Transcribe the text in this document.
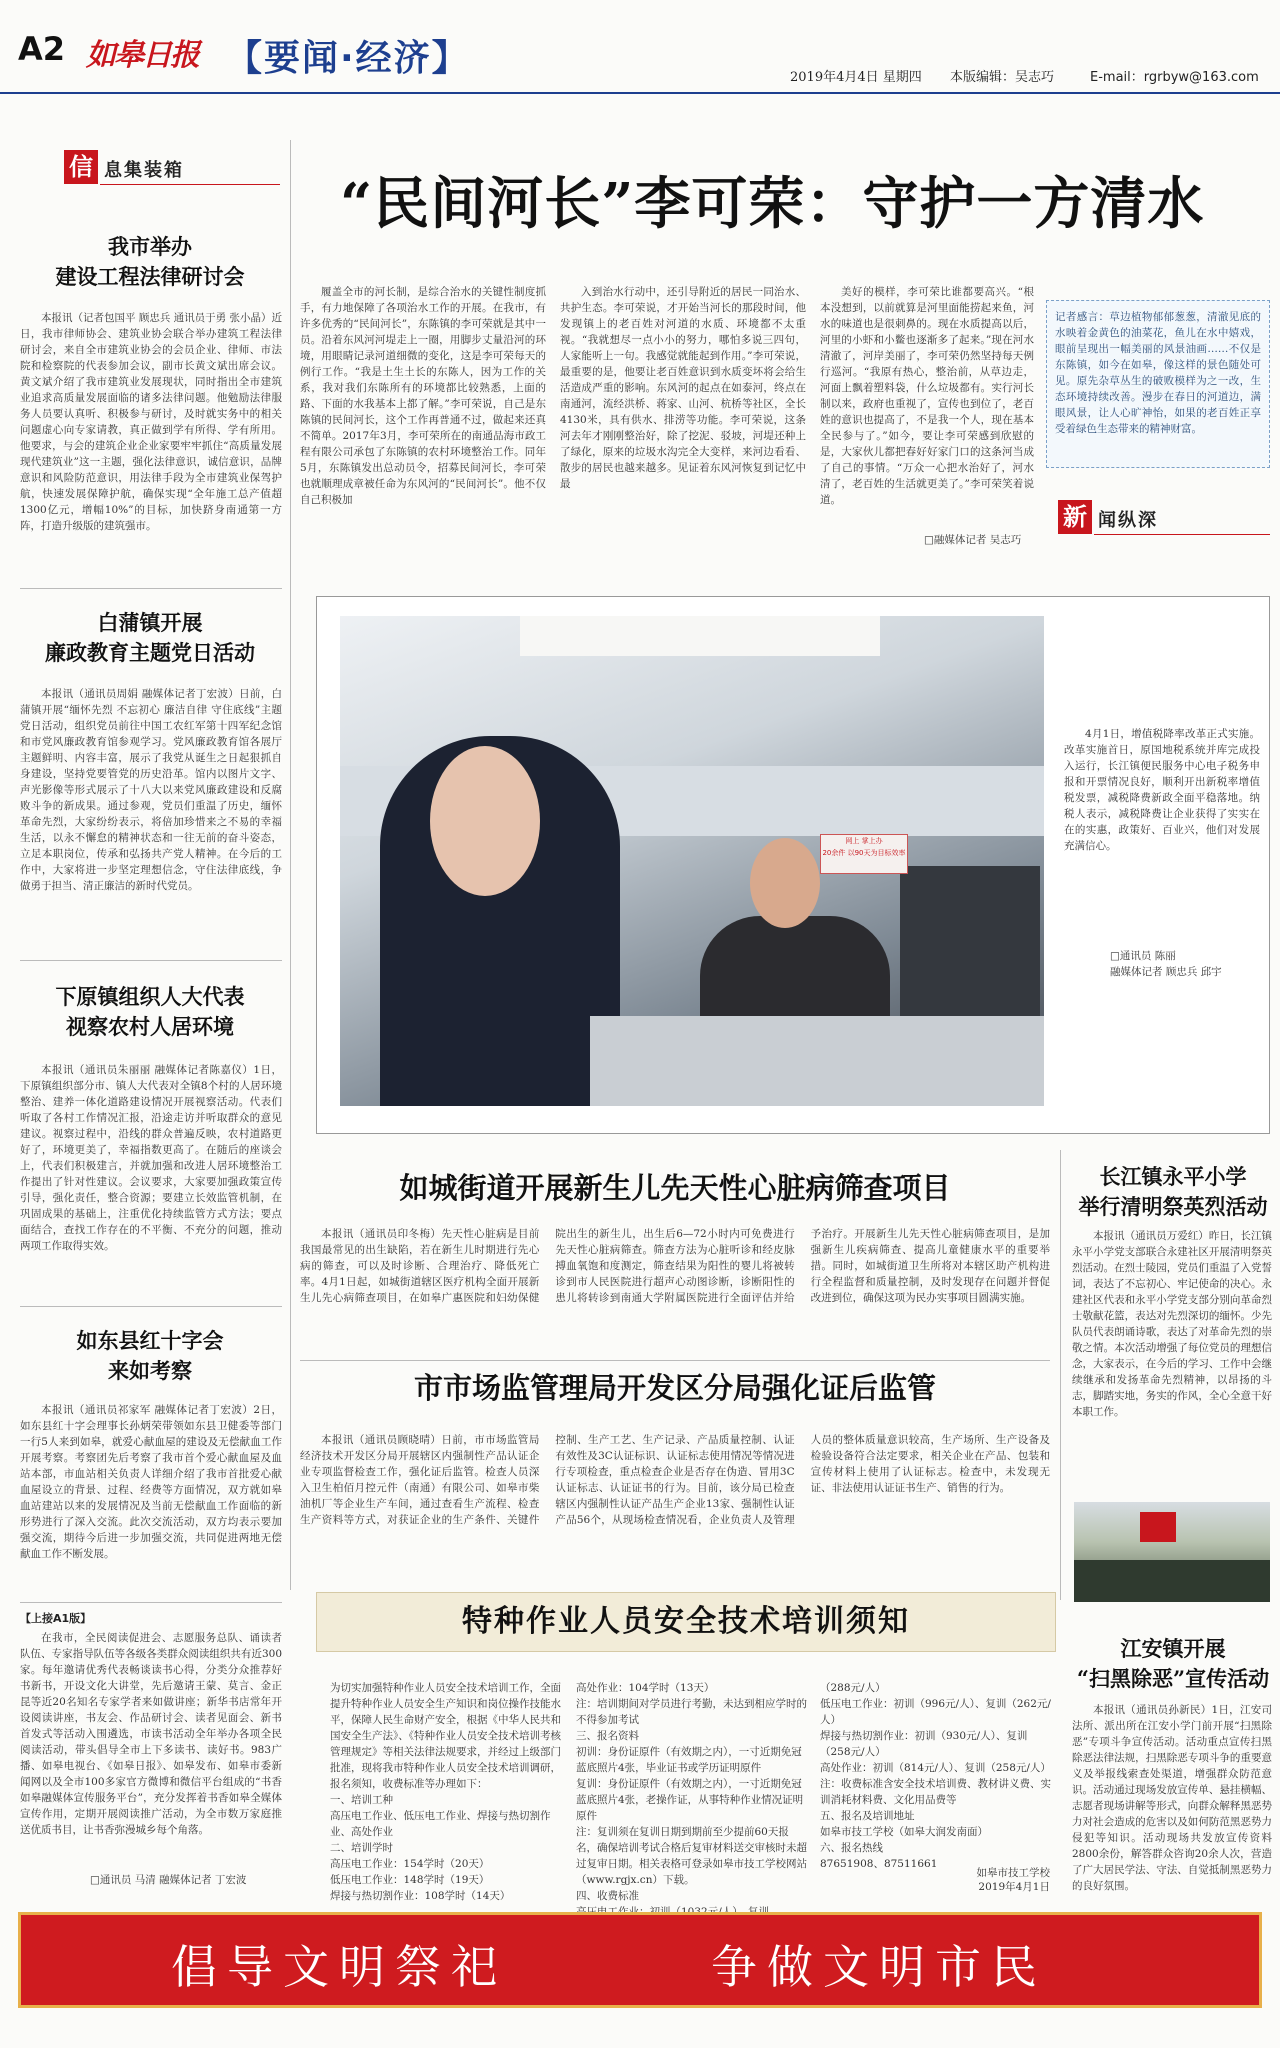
A2 如皋日报 【要闻·经济】	2019年4月4日 星期四 本版编辑：吴志巧	E-mail：rgrbyw@163.com
信 息集装箱
我市举办
建设工程法律研讨会

本报讯（记者包国平 顾忠兵 通讯员于勇 张小晶）近日，我市律师协会、建筑业协会联合举办建筑工程法律研讨会，来自全市建筑业协会的会员企业、律师、市法院和检察院的代表参加会议，副市长黄文斌出席会议。黄文斌介绍了我市建筑业发展现状，同时指出全市建筑业追求高质量发展面临的诸多法律问题。他勉励法律服务人员要认真听、积极参与研讨，及时就实务中的相关问题虚心向专家请教，真正做到学有所得、学有所用。他要求，与会的建筑企业企业家要牢牢抓住“高质量发展现代建筑业”这一主题，强化法律意识，诚信意识，品牌意识和风险防范意识，用法律手段为全市建筑业保驾护航，快速发展保障护航，确保实现“全年施工总产值超1300亿元，增幅10%”的目标，加快跻身南通第一方阵，打造升级版的建筑强市。

白蒲镇开展
廉政教育主题党日活动

本报讯（通讯员周娟 融媒体记者丁宏波）日前，白蒲镇开展“缅怀先烈 不忘初心 廉洁自律 守住底线”主题党日活动，组织党员前往中国工农红军第十四军纪念馆和市党风廉政教育馆参观学习。党风廉政教育馆各展厅主题鲜明、内容丰富，展示了我党从诞生之日起狠抓自身建设，坚持党要管党的历史沿革。馆内以图片文字、声光影像等形式展示了十八大以来党风廉政建设和反腐败斗争的新成果。通过参观，党员们重温了历史，缅怀革命先烈，大家纷纷表示，将倍加珍惜来之不易的幸福生活，以永不懈怠的精神状态和一往无前的奋斗姿态，立足本职岗位，传承和弘扬共产党人精神。在今后的工作中，大家将进一步坚定理想信念，守住法律底线，争做勇于担当、清正廉洁的新时代党员。

下原镇组织人大代表
视察农村人居环境

本报讯（通讯员朱丽丽 融媒体记者陈嘉仪）1日，下原镇组织部分市、镇人大代表对全镇8个村的人居环境整治、建养一体化道路建设情况开展视察活动。代表们听取了各村工作情况汇报，沿途走访并听取群众的意见建议。视察过程中，沿线的群众普遍反映，农村道路更好了，环境更美了，幸福指数更高了。在随后的座谈会上，代表们积极建言，并就加强和改进人居环境整治工作提出了针对性建议。会议要求，大家要加强政策宣传引导，强化责任，整合资源；要建立长效监管机制，在巩固成果的基础上，注重优化持续监管方式方法；要点面结合，查找工作存在的不平衡、不充分的问题，推动两项工作取得实效。

如东县红十字会
来如考察

本报讯（通讯员祁家军 融媒体记者丁宏波）2日，如东县红十字会理事长孙炳荣带领如东县卫健委等部门一行5人来到如皋，就爱心献血屋的建设及无偿献血工作开展考察。考察团先后考察了我市首个爱心献血屋及血站本部，市血站相关负责人详细介绍了我市首批爱心献血屋设立的背景、过程、经费等方面情况，双方就如皋血站建站以来的发展情况及当前无偿献血工作面临的新形势进行了深入交流。此次交流活动，双方均表示要加强交流，期待今后进一步加强交流，共同促进两地无偿献血工作不断发展。

【上接A1版】

在我市，全民阅读促进会、志愿服务总队、诵读者队伍、专家指导队伍等各级各类群众阅读组织共有近300家。每年邀请优秀代表畅谈读书心得，分类分众推荐好书新书，开设文化大讲堂，先后邀请王蒙、莫言、金正昆等近20名知名专家学者来如做讲座；新华书店常年开设阅读讲座，书友会、作品研讨会、读者见面会、新书首发式等活动入围遴选，市读书活动全年举办各项全民阅读活动，带头倡导全市上下多读书、读好书。983广播、如皋电视台、《如皋日报》、如皋发布、如皋市委新闻网以及全市100多家官方微博和微信平台组成的“书香如皋融媒体宣传服务平台”，充分发挥着书香如皋全媒体宣传作用，定期开展阅读推广活动，为全市数万家庭推送优质书目，让书香弥漫城乡每个角落。

□通讯员 马清 融媒体记者 丁宏波
“民间河长”李可荣：守护一方清水

履盖全市的河长制，是综合治水的关键性制度抓手，有力地保障了各项治水工作的开展。在我市，有许多优秀的“民间河长”，东陈镇的李可荣就是其中一员。沿着东风河河堤走上一圈，用脚步丈量沿河的环境，用眼睛记录河道细微的变化，这是李可荣每天的例行工作。“我是土生土长的东陈人，因为工作的关系，我对我们东陈所有的环境都比较熟悉，上面的路、下面的水我基本上都了解。”李可荣说，自己是东陈镇的民间河长，这个工作再普通不过，做起来还真不简单。2017年3月，李可荣所在的南通品海市政工程有限公司承包了东陈镇的农村环境整治工作。同年5月，东陈镇发出总动员令，招募民间河长，李可荣也就顺理成章被任命为东风河的“民间河长”。他不仅自己积极加

入到治水行动中，还引导附近的居民一同治水、共护生态。李可荣说，才开始当河长的那段时间，他发现镇上的老百姓对河道的水质、环境都不太重视。“我就想尽一点小小的努力，哪怕多说三四句，人家能听上一句。我感觉就能起到作用。”李可荣说，最重要的是，他要让老百姓意识到水质变坏将会给生活造成严重的影响。东风河的起点在如泰河，终点在南通河，流经洪桥、蒋家、山河、杭桥等社区，全长4130米，具有供水、排涝等功能。李可荣说，这条河去年才刚刚整治好，除了挖泥、驳坡，河堤还种上了绿化，原来的垃圾水沟完全大变样，来河边看看、散步的居民也越来越多。见证着东风河恢复到记忆中最

美好的模样，李可荣比谁都要高兴。“根本没想到，以前就算是河里面能捞起来鱼，河水的味道也是很刺鼻的。现在水质提高以后，河里的小虾和小鳖也逐渐多了起来。”现在河水清澈了，河岸美丽了，李可荣仍然坚持每天例行巡河。“我原有热心，整治前，从草边走，河面上飘着塑料袋，什么垃圾都有。实行河长制以来，政府也重视了，宣传也到位了，老百姓的意识也提高了，不是我一个人，现在基本全民参与了。”如今，要让李可荣感到欣慰的是，大家伙儿都把春好好家门口的这条河当成了自己的事情。“万众一心把水治好了，河水清了，老百姓的生活就更美了。”李可荣笑着说道。

□融媒体记者 吴志巧
记者感言：草边植物郁郁葱葱，清澈见底的水映着金黄色的油菜花，鱼儿在水中嬉戏，眼前呈现出一幅美丽的风景油画……不仅是东陈镇，如今在如皋，像这样的景色随处可见。原先杂草丛生的破败模样为之一改，生态环境持续改善。漫步在春日的河道边，满眼风景，让人心旷神怡，如果的老百姓正享受着绿色生态带来的精神财富。
新 闻纵深
网上 掌上办
20余件 以90天为目标效率

4月1日，增值税降率改革正式实施。改革实施首日，原国地税系统并库完成投入运行，长江镇便民服务中心电子税务申报和开票情况良好，顺利开出新税率增值税发票，减税降费新政全面平稳落地。纳税人表示，减税降费让企业获得了实实在在的实惠，政策好、百业兴，他们对发展充满信心。

□通讯员 陈丽
融媒体记者 顾忠兵 邱宇
如城街道开展新生儿先天性心脏病筛查项目

本报讯（通讯员印冬梅）先天性心脏病是目前我国最常见的出生缺陷，若在新生儿时期进行先心病的筛查，可以及时诊断、合理治疗、降低死亡率。4月1日起，如城街道辖区医疗机构全面开展新生儿先心病筛查项目，在如皋广惠医院和妇幼保健院出生的新生儿，出生后6—72小时内可免费进行先天性心脏病筛查。筛查方法为心脏听诊和经皮脉搏血氧饱和度测定，筛查结果为阳性的婴儿将被转诊到市人民医院进行超声心动图诊断，诊断阳性的患儿将转诊到南通大学附属医院进行全面评估并给予治疗。开展新生儿先天性心脏病筛查项目，是加强新生儿疾病筛查、提高儿童健康水平的重要举措。同时，如城街道卫生所将对本辖区助产机构进行全程监督和质量控制，及时发现存在问题并督促改进到位，确保这项为民办实事项目圆满实施。

市市场监管理局开发区分局强化证后监管

本报讯（通讯员顾晓晴）日前，市市场监管局经济技术开发区分局开展辖区内强制性产品认证企业专项监督检查工作，强化证后监管。检查人员深入卫生柏佰月控元件（南通）有限公司、如皋市柴油机厂等企业生产车间，通过查看生产流程、检查生产资料等方式，对获证企业的生产条件、关键件控制、生产工艺、生产记录、产品质量控制、认证有效性及3C认证标识、认证标志使用情况等情况进行专项检查，重点检查企业是否存在伪造、冒用3C认证标志、认证证书的行为。目前，该分局已检查辖区内强制性认证产品生产企业13家、强制性认证产品56个，从现场检查情况看，企业负责人及管理人员的整体质量意识较高，生产场所、生产设备及检验设备符合法定要求，相关企业在产品、包装和宣传材料上使用了认证标志。检查中，未发现无证、非法使用认证证书生产、销售的行为。

特种作业人员安全技术培训须知

为切实加强特种作业人员安全技术培训工作，全面提升特种作业人员安全生产知识和岗位操作技能水平，保障人民生命财产安全，根据《中华人民共和国安全生产法》、《特种作业人员安全技术培训考核管理规定》等相关法律法规要求，并经过上级部门批准，现将我市特种作业人员安全技术培训调研，报名须知，收费标准等办理如下：
一、培训工种
高压电工作业、低压电工作业、焊接与热切割作业、高处作业
二、培训学时
高压电工作业：154学时（20天）
低压电工作业：148学时（19天）
焊接与热切割作业：108学时（14天）

高处作业：104学时（13天）
注：培训期间对学员进行考勤，未达到相应学时的不得参加考试
三、报名资料
初训：身份证原件（有效期之内），一寸近期免冠蓝底照片4张，毕业证书或学历证明原件
复训：身份证原件（有效期之内），一寸近期免冠蓝底照片4张，老操作证，从事特种作业情况证明原件
注：复训须在复训日期到期前至少提前60天报名，确保培训考试合格后复审材料送交审核时未超过复审日期。相关表格可登录如皋市技工学校网站（www.rgjx.cn）下载。
四、收费标准

（288元/人）
低压电工作业：初训（996元/人）、复训（262元/人）
焊接与热切割作业：初训（930元/人）、复训（258元/人）
高处作业：初训（814元/人）、复训（258元/人）
注：收费标准含安全技术培训费、教材讲义费、实训消耗材料费、文化用品费等
五、报名及培训地址
如皋市技工学校（如皋大润发南面）
六、报名热线
87651908、87511661

如皋市技工学校
2019年4月1日
长江镇永平小学
举行清明祭英烈活动

本报讯（通讯员万爱红）昨日，长江镇永平小学党支部联合永建社区开展清明祭英烈活动。在烈士陵园，党员们重温了入党誓词，表达了不忘初心、牢记使命的决心。永建社区代表和永平小学党支部分别向革命烈士敬献花篮，表达对先烈深切的缅怀。少先队员代表朗诵诗歌，表达了对革命先烈的崇敬之情。本次活动增强了每位党员的理想信念，大家表示，在今后的学习、工作中会继续继承和发扬革命先烈精神，以昂扬的斗志，脚踏实地，务实的作风，全心全意干好本职工作。

江安镇开展
“扫黑除恶”宣传活动

本报讯（通讯员孙新民）1日，江安司法所、派出所在江安小学门前开展“扫黑除恶”专项斗争宣传活动。活动重点宣传扫黑除恶法律法规，扫黑除恶专项斗争的重要意义及举报线索查处渠道，增强群众防范意识。活动通过现场发放宣传单、悬挂横幅、志愿者现场讲解等形式，向群众解释黑恶势力对社会造成的危害以及如何防范黑恶势力侵犯等知识。活动现场共发放宣传资料2800余份，解答群众咨询20余人次，营造了广大居民学法、守法、自觉抵制黑恶势力的良好氛围。

倡导文明祭祀	争做文明市民
